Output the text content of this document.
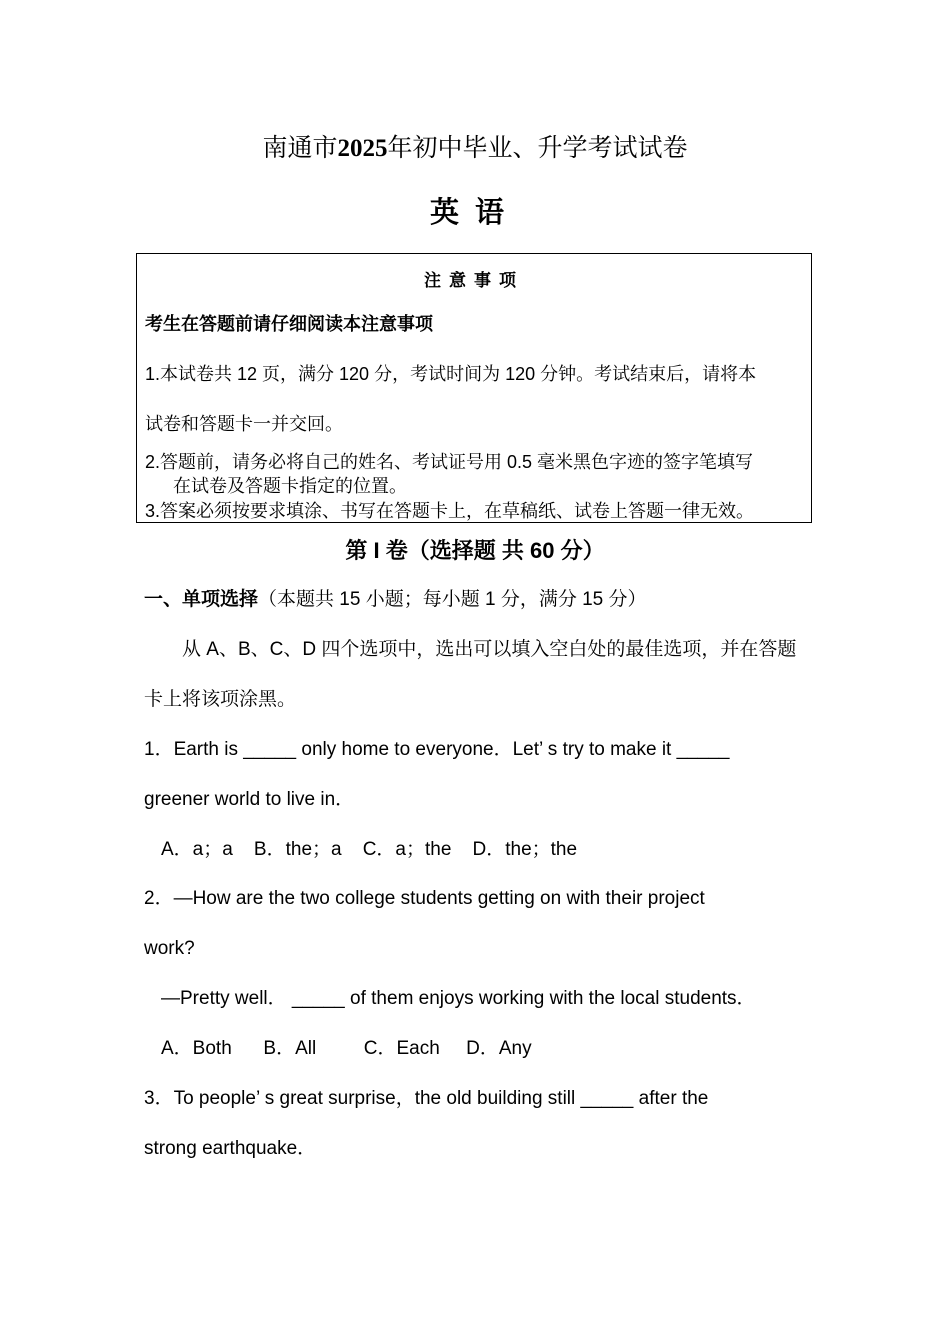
南通市2025年初中毕业、升学考试试卷
英语
注意事项
考生在答题前请仔细阅读本注意事项
1.本试卷共 12 页，满分 120 分，考试时间为 120 分钟。考试结束后，请将本
试卷和答题卡一并交回。
2.答题前，请务必将自己的姓名、考试证号用 0.5 毫米黑色字迹的签字笔填写
在试卷及答题卡指定的位置。
3.答案必须按要求填涂、书写在答题卡上，在草稿纸、试卷上答题一律无效。
第 I 卷（选择题 共 60 分）
一、单项选择（本题共 15 小题；每小题 1 分，满分 15 分）
从 A、B、C、D 四个选项中，选出可以填入空白处的最佳选项，并在答题
卡上将该项涂黑。
1．Earth is _____ only home to everyone．Let’ s try to make it _____
greener world to live in．
A．a；a    B．the；a    C．a；the    D．the；the
2．—How are the two college students getting on with their project
work?
—Pretty well． _____ of them enjoys working with the local students．
A．Both      B．All         C．Each     D．Any
3．To people’ s great surprise，the old building still _____ after the
strong earthquake．
